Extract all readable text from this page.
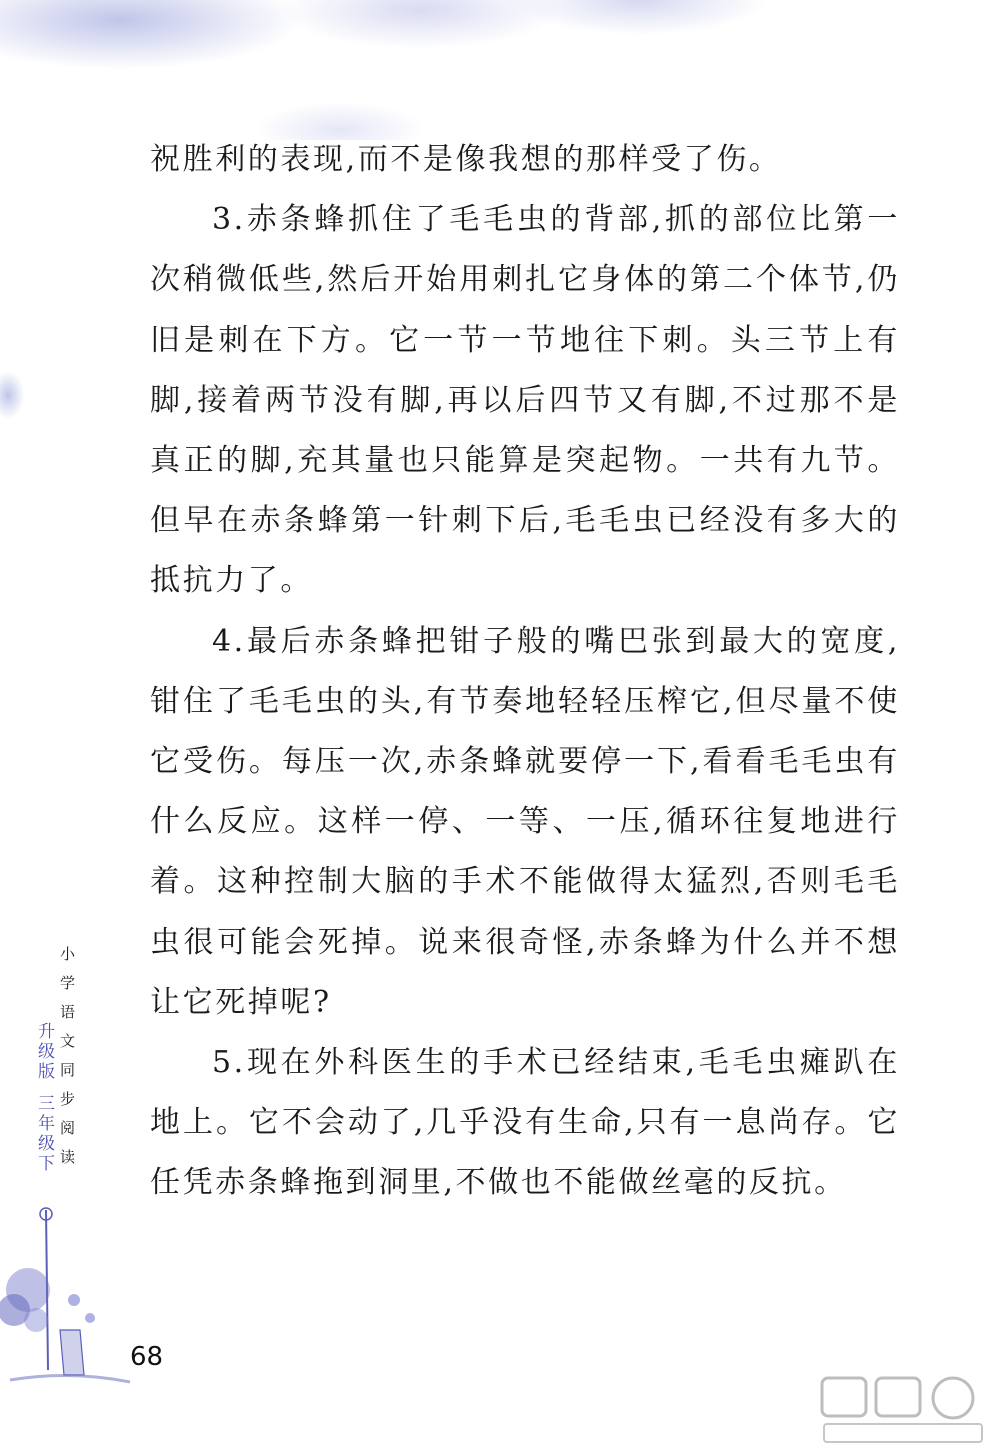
祝胜利的表现,而不是像我想的那样受了伤。

3.赤条蜂抓住了毛毛虫的背部,抓的部位比第一次稍微低些,然后开始用刺扎它身体的第二个体节,仍旧是刺在下方。它一节一节地往下刺。头三节上有脚,接着两节没有脚,再以后四节又有脚,不过那不是真正的脚,充其量也只能算是突起物。一共有九节。但早在赤条蜂第一针刺下后,毛毛虫已经没有多大的抵抗力了。

4.最后赤条蜂把钳子般的嘴巴张到最大的宽度,钳住了毛毛虫的头,有节奏地轻轻压榨它,但尽量不使它受伤。每压一次,赤条蜂就要停一下,看看毛毛虫有什么反应。这样一停、一等、一压,循环往复地进行着。这种控制大脑的手术不能做得太猛烈,否则毛毛虫很可能会死掉。说来很奇怪,赤条蜂为什么并不想让它死掉呢?

5.现在外科医生的手术已经结束,毛毛虫瘫趴在地上。它不会动了,几乎没有生命,只有一息尚存。它任凭赤条蜂拖到洞里,不做也不能做丝毫的反抗。

小
学
语
文
同
步
阅
读
升
级
版
三
年
级
下
68
